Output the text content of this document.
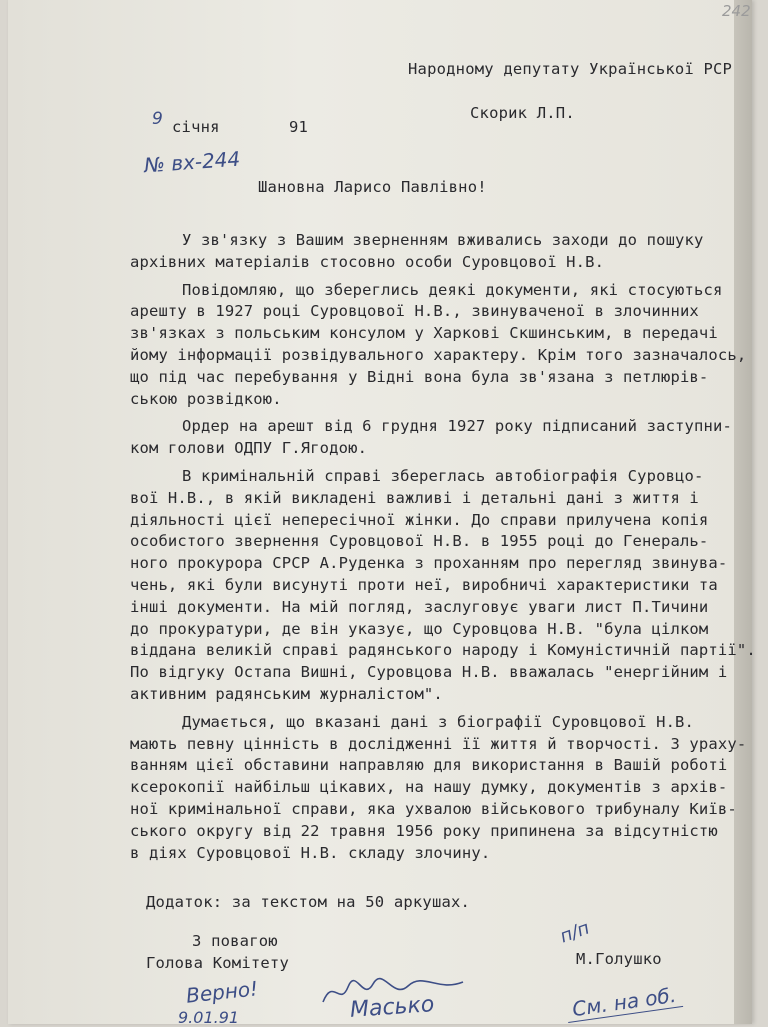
242
Народному депутату Української РСР
Скорик Л.П.
9 січня	91
№ вх-244
Шановна Ларисо Павлівно!

У зв'язку з Вашим зверненням вживались заходи до пошуку
архівних матеріалів стосовно особи Суровцової Н.В.

Повідомляю, що збереглись деякі документи, які стосуються
арешту в 1927 році Суровцової Н.В., звинуваченої в злочинних
зв'язках з польським консулом у Харкові Скшинським, в передачі
йому інформації розвідувального характеру. Крім того зазначалось,
що під час перебування у Відні вона була зв'язана з петлюрів-
ською розвідкою.

Ордер на арешт від 6 грудня 1927 року підписаний заступни-
ком голови ОДПУ Г.Ягодою.

В кримінальній справі збереглась автобіографія Суровцо-
вої Н.В., в якій викладені важливі і детальні дані з життя і
діяльності цієї непересічної жінки. До справи прилучена копія
особистого звернення Суровцової Н.В. в 1955 році до Генераль-
ного прокурора СРСР А.Руденка з проханням про перегляд звинува-
чень, які були висунуті проти неї, виробничі характеристики та
інші документи. На мій погляд, заслуговує уваги лист П.Тичини
до прокуратури, де він указує, що Суровцова Н.В. "була цілком
віддана великій справі радянського народу і Комуністичній партії".
По відгуку Остапа Вишні, Суровцова Н.В. вважалась "енергійним і
активним радянським журналістом".

Думається, що вказані дані з біографії Суровцової Н.В.
мають певну цінність в дослідженні її життя й творчості. З ураху-
ванням цієї обставини направляю для використання в Вашій роботі
ксерокопії найбільш цікавих, на нашу думку, документів з архів-
ної кримінальної справи, яка ухвалою військового трибуналу Київ-
ського округу від 22 травня 1956 року припинена за відсутністю
в діях Суровцової Н.В. складу злочину.

Додаток: за текстом на 50 аркушах.
З повагою
Голова Комітету	М.Голушко
п/п
Верно!
9.01.91	Масько	См. на об.
